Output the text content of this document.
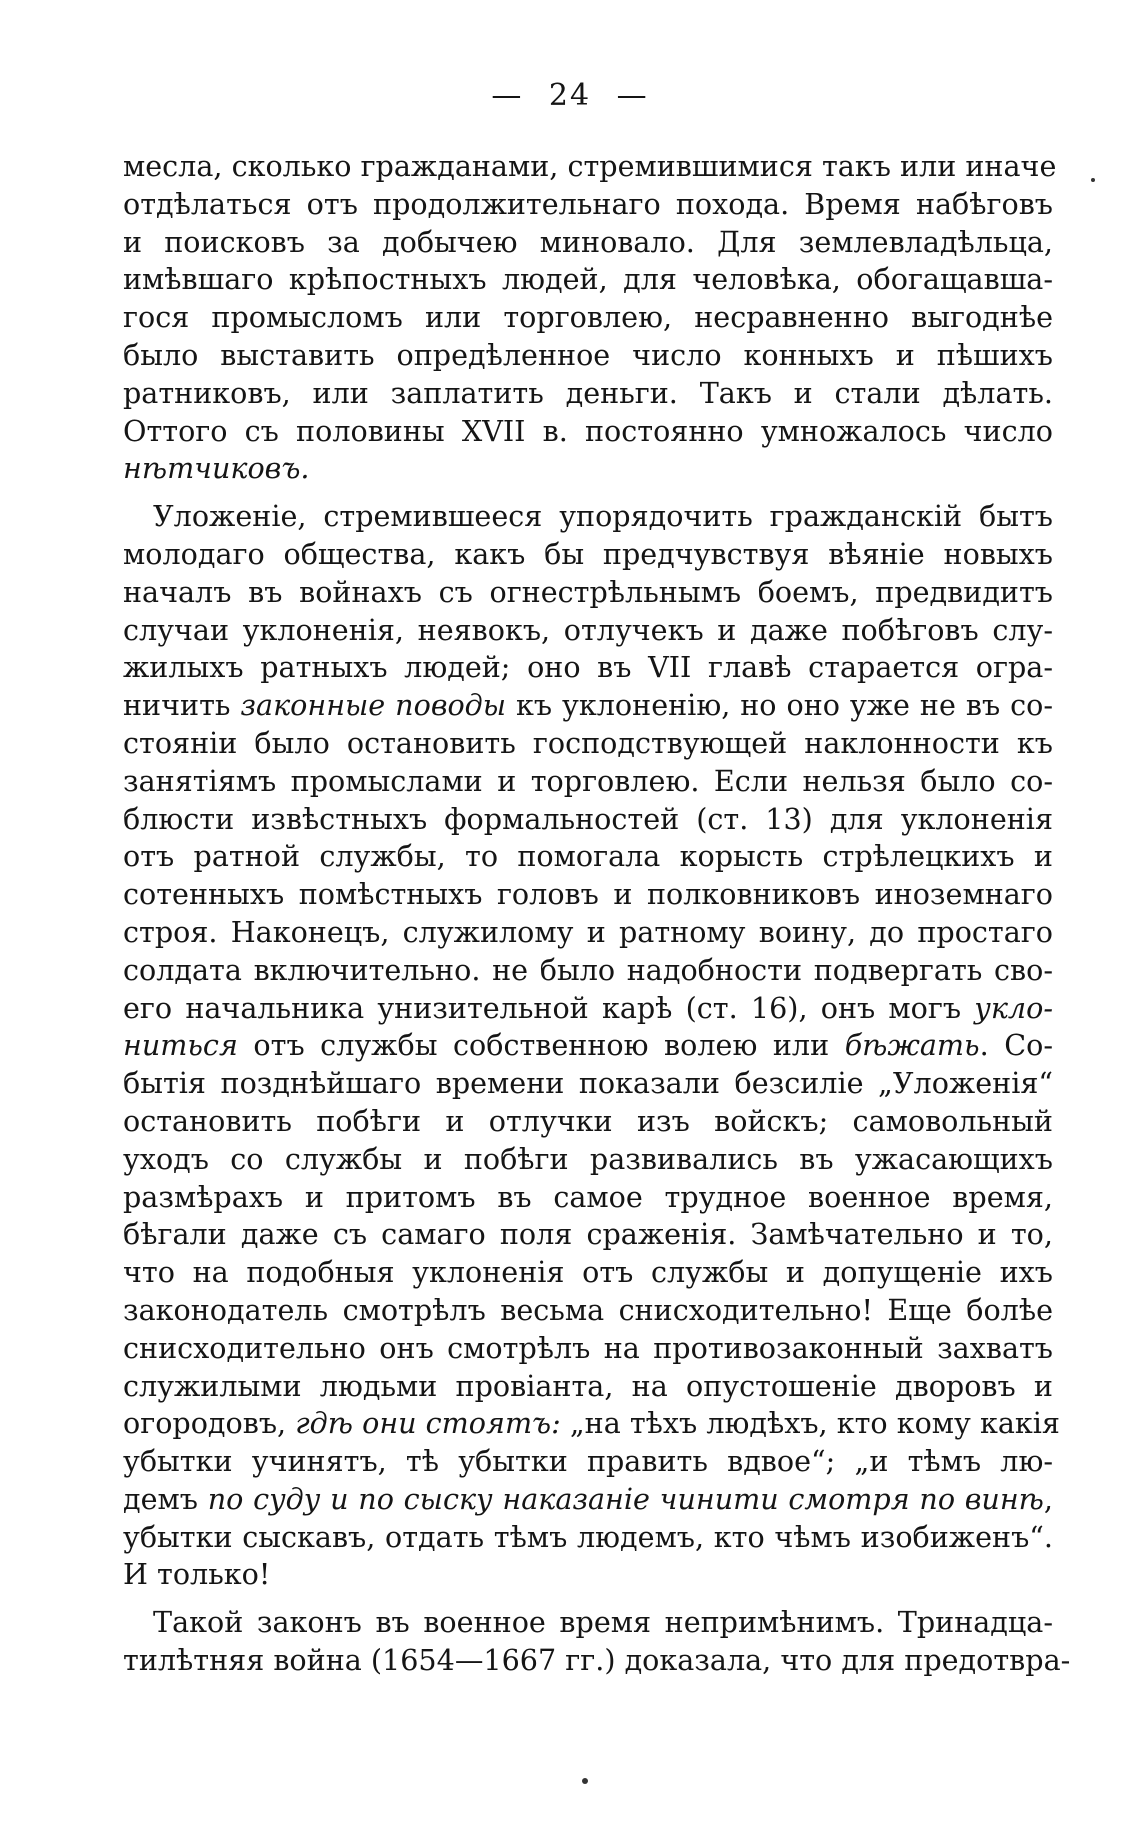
— 24 —

месла, сколько гражданами, стремившимися такъ или иначе
отдѣлаться отъ продолжительнаго похода. Время набѣговъ
и поисковъ за добычею миновало. Для землевладѣльца,
имѣвшаго крѣпостныхъ людей, для человѣка, обогащавша-
гося промысломъ или торговлею, несравненно выгоднѣе
было выставить опредѣленное число конныхъ и пѣшихъ
ратниковъ, или заплатить деньги. Такъ и стали дѣлать.
Оттого съ половины XVII в. постоянно умножалось число
нѣтчиковъ.

Уложеніе, стремившееся упорядочить гражданскій бытъ
молодаго общества, какъ бы предчувствуя вѣяніе новыхъ
началъ въ войнахъ съ огнестрѣльнымъ боемъ, предвидитъ
случаи уклоненія, неявокъ, отлучекъ и даже побѣговъ слу-
жилыхъ ратныхъ людей; оно въ VII главѣ старается огра-
ничить законные поводы къ уклоненію, но оно уже не въ со-
стояніи было остановить господствующей наклонности къ
занятіямъ промыслами и торговлею. Если нельзя было со-
блюсти извѣстныхъ формальностей (ст. 13) для уклоненія
отъ ратной службы, то помогала корысть стрѣлецкихъ и
сотенныхъ помѣстныхъ головъ и полковниковъ иноземнаго
строя. Наконецъ, служилому и ратному воину, до простаго
солдата включительно. не было надобности подвергать сво-
его начальника унизительной карѣ (ст. 16), онъ могъ укло-
ниться отъ службы собственною волею или бѣжать. Со-
бытія позднѣйшаго времени показали безсиліе „Уложенія“
остановить побѣги и отлучки изъ войскъ; самовольный
уходъ со службы и побѣги развивались въ ужасающихъ
размѣрахъ и притомъ въ самое трудное военное время,
бѣгали даже съ самаго поля сраженія. Замѣчательно и то,
что на подобныя уклоненія отъ службы и допущеніе ихъ
законодатель смотрѣлъ весьма снисходительно! Еще болѣе
снисходительно онъ смотрѣлъ на противозаконный захватъ
служилыми людьми провіанта, на опустошеніе дворовъ и
огородовъ, гдѣ они стоятъ: „на тѣхъ людѣхъ, кто кому какія
убытки учинятъ, тѣ убытки править вдвое“; „и тѣмъ лю-
демъ по суду и по сыску наказаніе чинити смотря по винѣ,
убытки сыскавъ, отдать тѣмъ людемъ, кто чѣмъ изобиженъ“.
И только!

Такой законъ въ военное время непримѣнимъ. Тринадца-
тилѣтняя война (1654—1667 гг.) доказала, что для предотвра-
